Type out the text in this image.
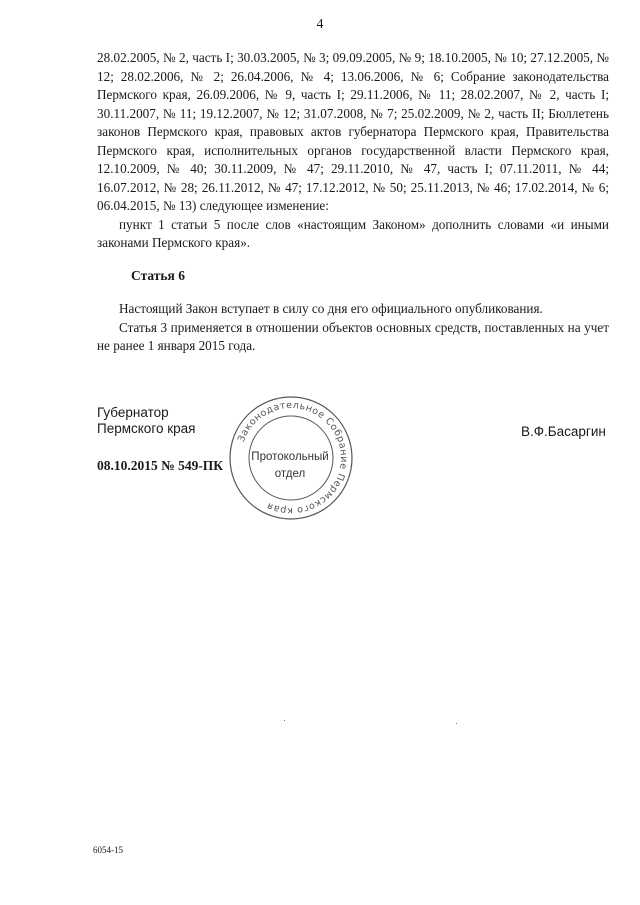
4

28.02.2005, № 2, часть I; 30.03.2005, № 3; 09.09.2005, № 9; 18.10.2005, № 10; 27.12.2005, № 12; 28.02.2006, № 2; 26.04.2006, № 4; 13.06.2006, № 6; Собрание законодательства Пермского края, 26.09.2006, № 9, часть I; 29.11.2006, № 11; 28.02.2007, № 2, часть I; 30.11.2007, № 11; 19.12.2007, № 12; 31.07.2008, № 7; 25.02.2009, № 2, часть II; Бюллетень законов Пермского края, правовых актов губернатора Пермского края, Правительства Пермского края, исполнительных органов государственной власти Пермского края, 12.10.2009, № 40; 30.11.2009, № 47; 29.11.2010, № 47, часть I; 07.11.2011, № 44; 16.07.2012, № 28; 26.11.2012, № 47; 17.12.2012, № 50; 25.11.2013, № 46; 17.02.2014, № 6; 06.04.2015, № 13) следующее изменение:

пункт 1 статьи 5 после слов «настоящим Законом» дополнить словами «и иными законами Пермского края».

Статья 6

Настоящий Закон вступает в силу со дня его официального опубликования.

Статья 3 применяется в отношении объектов основных средств, поставленных на учет не ранее 1 января 2015 года.

Губернатор
Пермского края	В.Ф.Басаргин
08.10.2015 № 549-ПК
Законодательное Собрание Пермского края
Протокольный
отдел
6054-15
